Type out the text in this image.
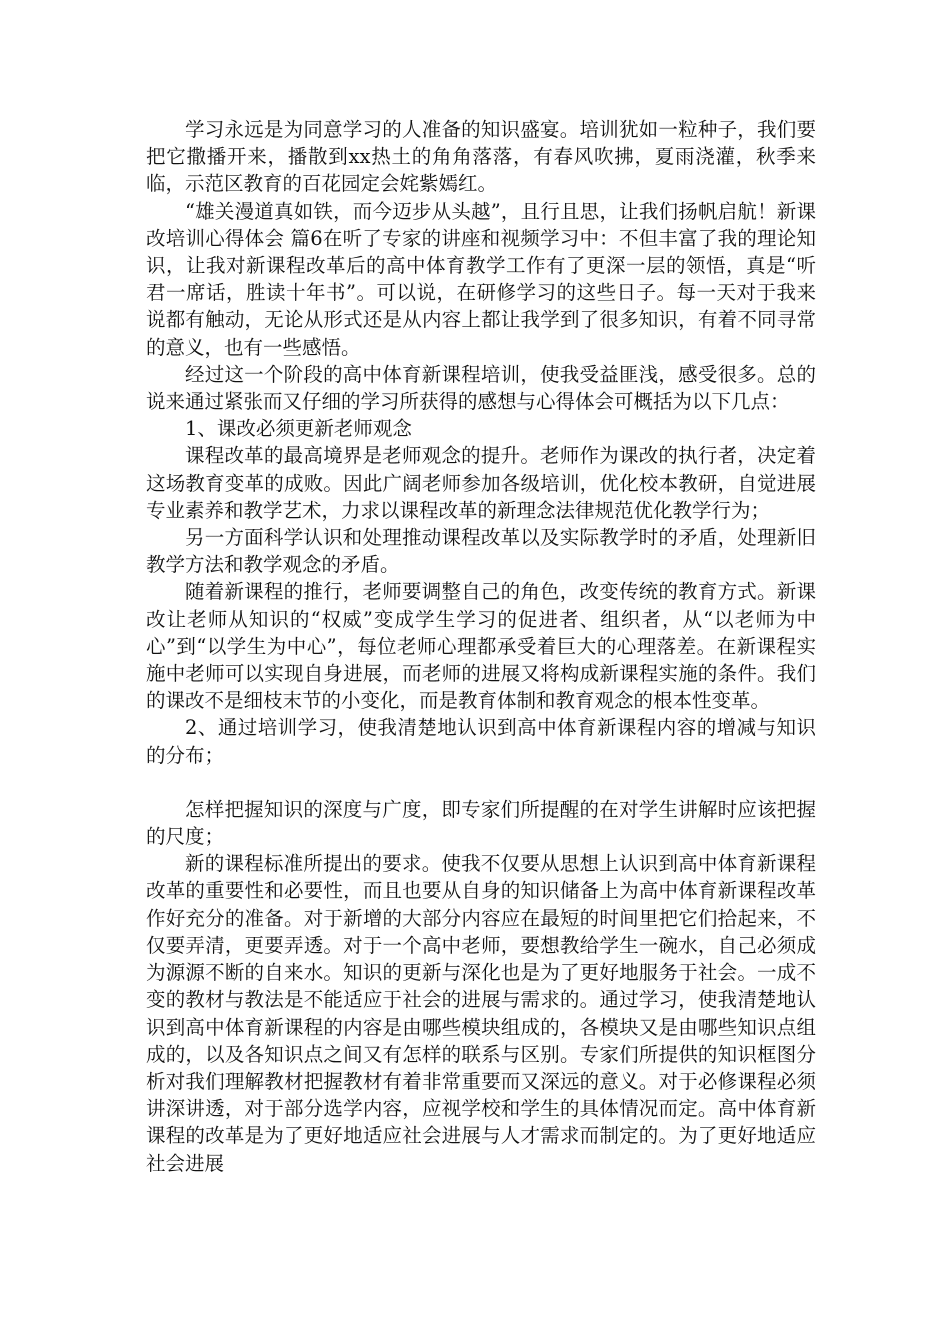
学习永远是为同意学习的人准备的知识盛宴。培训犹如一粒种子，我们要把它撒播开来，播散到xx热土的角角落落，有春风吹拂，夏雨浇灌，秋季来临，示范区教育的百花园定会姹紫嫣红。

“雄关漫道真如铁，而今迈步从头越”，且行且思，让我们扬帆启航！新课改培训心得体会 篇6在听了专家的讲座和视频学习中：不但丰富了我的理论知识，让我对新课程改革后的高中体育教学工作有了更深一层的领悟，真是“听君一席话，胜读十年书”。可以说，在研修学习的这些日子。每一天对于我来说都有触动，无论从形式还是从内容上都让我学到了很多知识，有着不同寻常的意义，也有一些感悟。

经过这一个阶段的高中体育新课程培训，使我受益匪浅，感受很多。总的说来通过紧张而又仔细的学习所获得的感想与心得体会可概括为以下几点：

1、课改必须更新老师观念

课程改革的最高境界是老师观念的提升。老师作为课改的执行者，决定着这场教育变革的成败。因此广阔老师参加各级培训，优化校本教研，自觉进展专业素养和教学艺术，力求以课程改革的新理念法律规范优化教学行为；

另一方面科学认识和处理推动课程改革以及实际教学时的矛盾，处理新旧教学方法和教学观念的矛盾。

随着新课程的推行，老师要调整自己的角色，改变传统的教育方式。新课改让老师从知识的“权威”变成学生学习的促进者、组织者，从“以老师为中心”到“以学生为中心”，每位老师心理都承受着巨大的心理落差。在新课程实施中老师可以实现自身进展，而老师的进展又将构成新课程实施的条件。我们的课改不是细枝末节的小变化，而是教育体制和教育观念的根本性变革。

2、通过培训学习，使我清楚地认识到高中体育新课程内容的增减与知识的分布；

怎样把握知识的深度与广度，即专家们所提醒的在对学生讲解时应该把握的尺度；

新的课程标准所提出的要求。使我不仅要从思想上认识到高中体育新课程改革的重要性和必要性，而且也要从自身的知识储备上为高中体育新课程改革作好充分的准备。对于新增的大部分内容应在最短的时间里把它们拾起来，不仅要弄清，更要弄透。对于一个高中老师，要想教给学生一碗水，自己必须成为源源不断的自来水。知识的更新与深化也是为了更好地服务于社会。一成不变的教材与教法是不能适应于社会的进展与需求的。通过学习，使我清楚地认识到高中体育新课程的内容是由哪些模块组成的，各模块又是由哪些知识点组成的，以及各知识点之间又有怎样的联系与区别。专家们所提供的知识框图分析对我们理解教材把握教材有着非常重要而又深远的意义。对于必修课程必须讲深讲透，对于部分选学内容，应视学校和学生的具体情况而定。高中体育新课程的改革是为了更好地适应社会进展与人才需求而制定的。为了更好地适应社会进展
